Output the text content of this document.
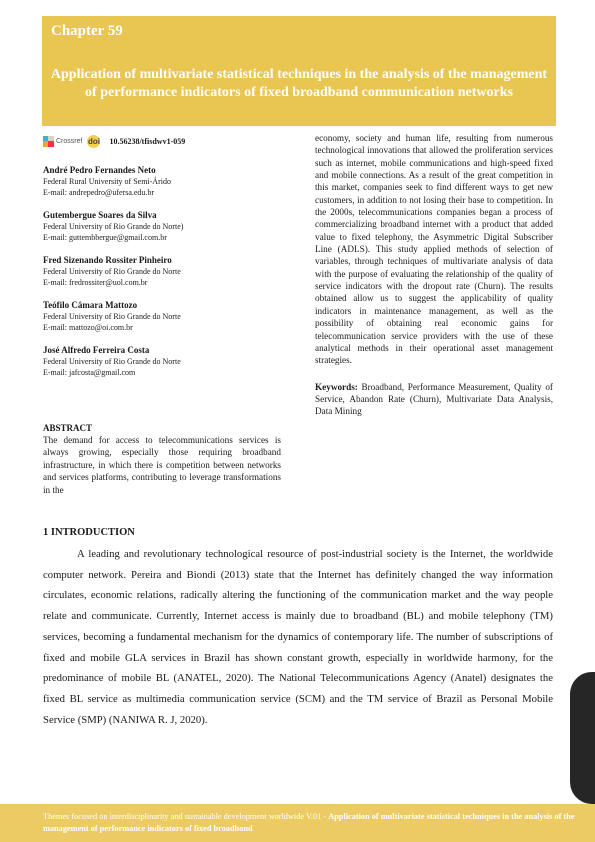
Chapter 59
Application of multivariate statistical techniques in the analysis of the management of performance indicators of fixed broadband communication networks
Crossref doi 10.56238/tfisdwv1-059
André Pedro Fernandes Neto
Federal Rural University of Semi-Árido
E-mail: andrepedro@ufersa.edu.br
Gutembergue Soares da Silva
Federal University of Rio Grande do Norte)
E-mail: guttembbergue@gmail.com.br
Fred Sizenando Rossiter Pinheiro
Federal University of Rio Grande do Norte
E-mail: fredrossiter@uol.com.br
Teófilo Câmara Mattozo
Federal University of Rio Grande do Norte
E-mail: mattozo@oi.com.br
José Alfredo Ferreira Costa
Federal University of Rio Grande do Norte
E-mail: jafcosta@gmail.com
ABSTRACT
The demand for access to telecommunications services is always growing, especially those requiring broadband infrastructure, in which there is competition between networks and services platforms, contributing to leverage transformations in the
economy, society and human life, resulting from numerous technological innovations that allowed the proliferation services such as internet, mobile communications and high-speed fixed and mobile connections. As a result of the great competition in this market, companies seek to find different ways to get new customers, in addition to not losing their base to competition. In the 2000s, telecommunications companies began a process of commercializing broadband internet with a product that added value to fixed telephony, the Asymmetric Digital Subscriber Line (ADLS). This study applied methods of selection of variables, through techniques of multivariate analysis of data with the purpose of evaluating the relationship of the quality of service indicators with the dropout rate (Churn). The results obtained allow us to suggest the applicability of quality indicators in maintenance management, as well as the possibility of obtaining real economic gains for telecommunication service providers with the use of these analytical methods in their operational asset management strategies.
Keywords: Broadband, Performance Measurement, Quality of Service, Abandon Rate (Churn), Multivariate Data Analysis, Data Mining
1 INTRODUCTION
A leading and revolutionary technological resource of post-industrial society is the Internet, the worldwide computer network. Pereira and Biondi (2013) state that the Internet has definitely changed the way information circulates, economic relations, radically altering the functioning of the communication market and the way people relate and communicate. Currently, Internet access is mainly due to broadband (BL) and mobile telephony (TM) services, becoming a fundamental mechanism for the dynamics of contemporary life. The number of subscriptions of fixed and mobile GLA services in Brazil has shown constant growth, especially in worldwide harmony, for the predominance of mobile BL (ANATEL, 2020). The National Telecommunications Agency (Anatel) designates the fixed BL service as multimedia communication service (SCM) and the TM service of Brazil as Personal Mobile Service (SMP) (NANIWA R. J, 2020).
Themes focused on interdisciplinarity and sustainable development worldwide V.01 - Application of multivariate statistical techniques in the analysis of the management of performance indicators of fixed broadband
